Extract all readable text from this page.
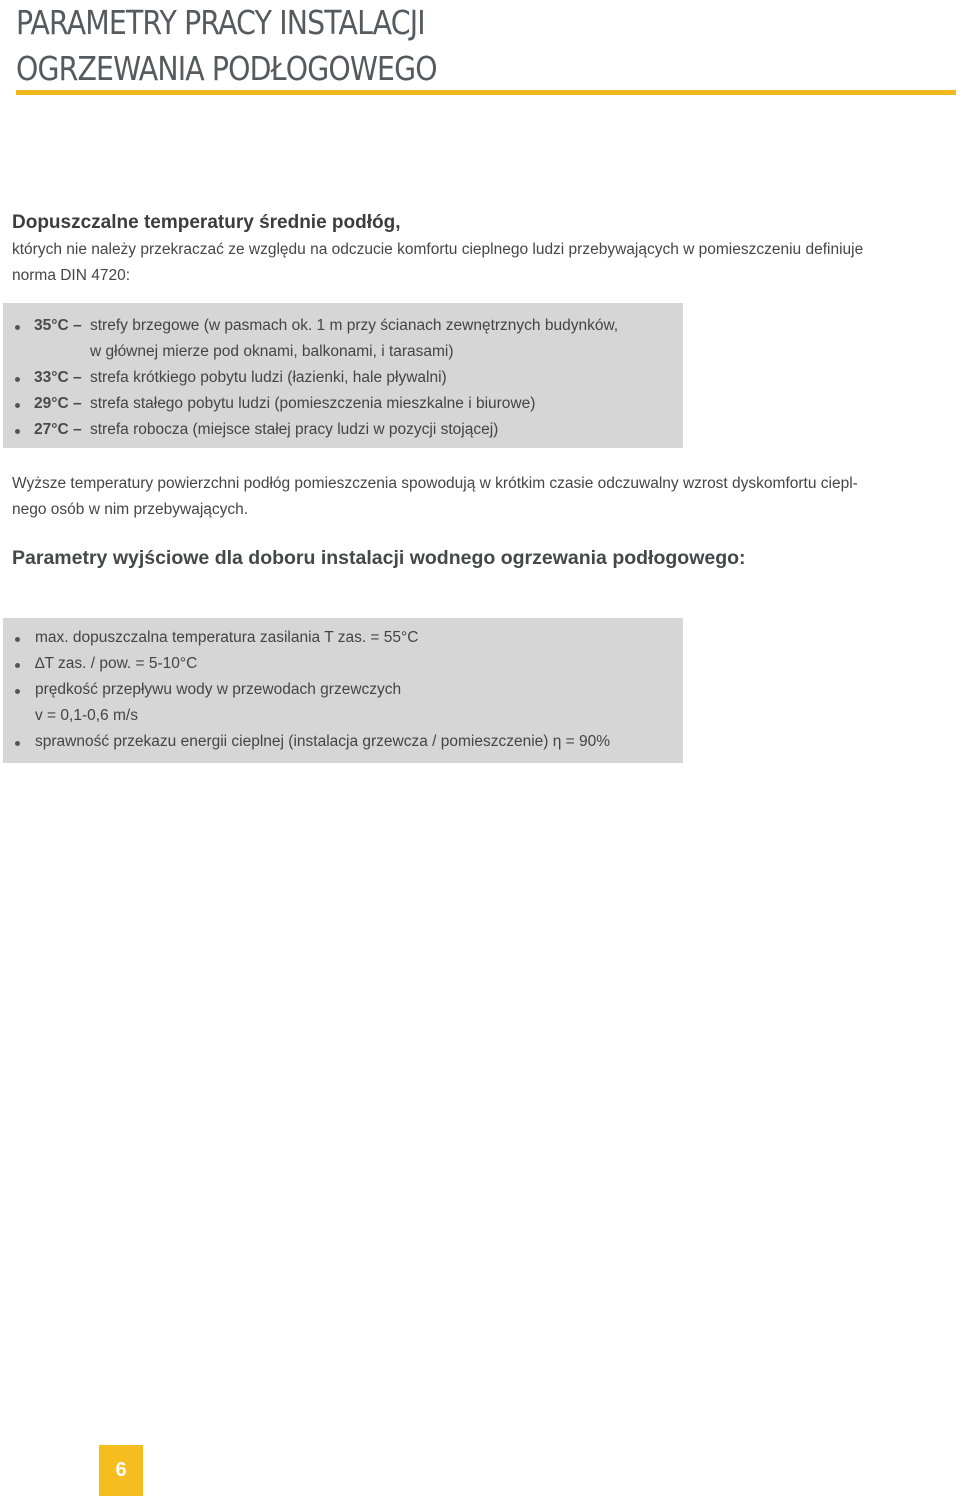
PARAMETRY PRACY INSTALACJI
OGRZEWANIA PODŁOGOWEGO
Dopuszczalne temperatury średnie podłóg,
których nie należy przekraczać ze względu na odczucie komfortu cieplnego ludzi przebywających w pomieszczeniu definiuje
norma DIN 4720:
35°C – strefy brzegowe (w pasmach ok. 1 m przy ścianach zewnętrznych budynków,
w głównej mierze pod oknami, balkonami, i tarasami)
33°C – strefa krótkiego pobytu ludzi (łazienki, hale pływalni)
29°C – strefa stałego pobytu ludzi (pomieszczenia mieszkalne i biurowe)
27°C – strefa robocza (miejsce stałej pracy ludzi w pozycji stojącej)
Wyższe temperatury powierzchni podłóg pomieszczenia spowodują w krótkim czasie odczuwalny wzrost dyskomfortu ciepl-
nego osób w nim przebywających.
Parametry wyjściowe dla doboru instalacji wodnego ogrzewania podłogowego:
max. dopuszczalna temperatura zasilania T zas. = 55°C
∆T zas. / pow. = 5-10°C
prędkość przepływu wody w przewodach grzewczych
v = 0,1-0,6 m/s
sprawność przekazu energii cieplnej (instalacja grzewcza / pomieszczenie) η = 90%
6
